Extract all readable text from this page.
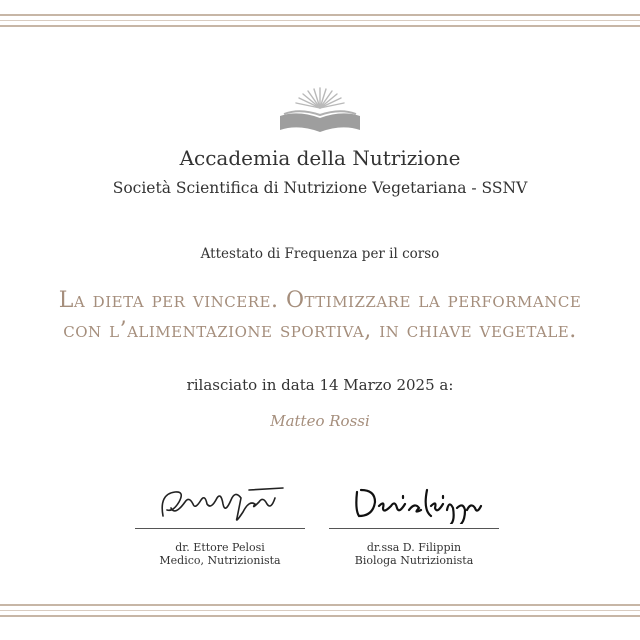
Accademia della Nutrizione
Società Scientifica di Nutrizione Vegetariana - SSNV
Attestato di Frequenza per il corso
La dieta per vincere. Ottimizzare la performance
con l’alimentazione sportiva, in chiave vegetale.
rilasciato in data 14 Marzo 2025 a:
Matteo Rossi
dr. Ettore Pelosi
Medico, Nutrizionista
dr.ssa D. Filippin
Biologa Nutrizionista
